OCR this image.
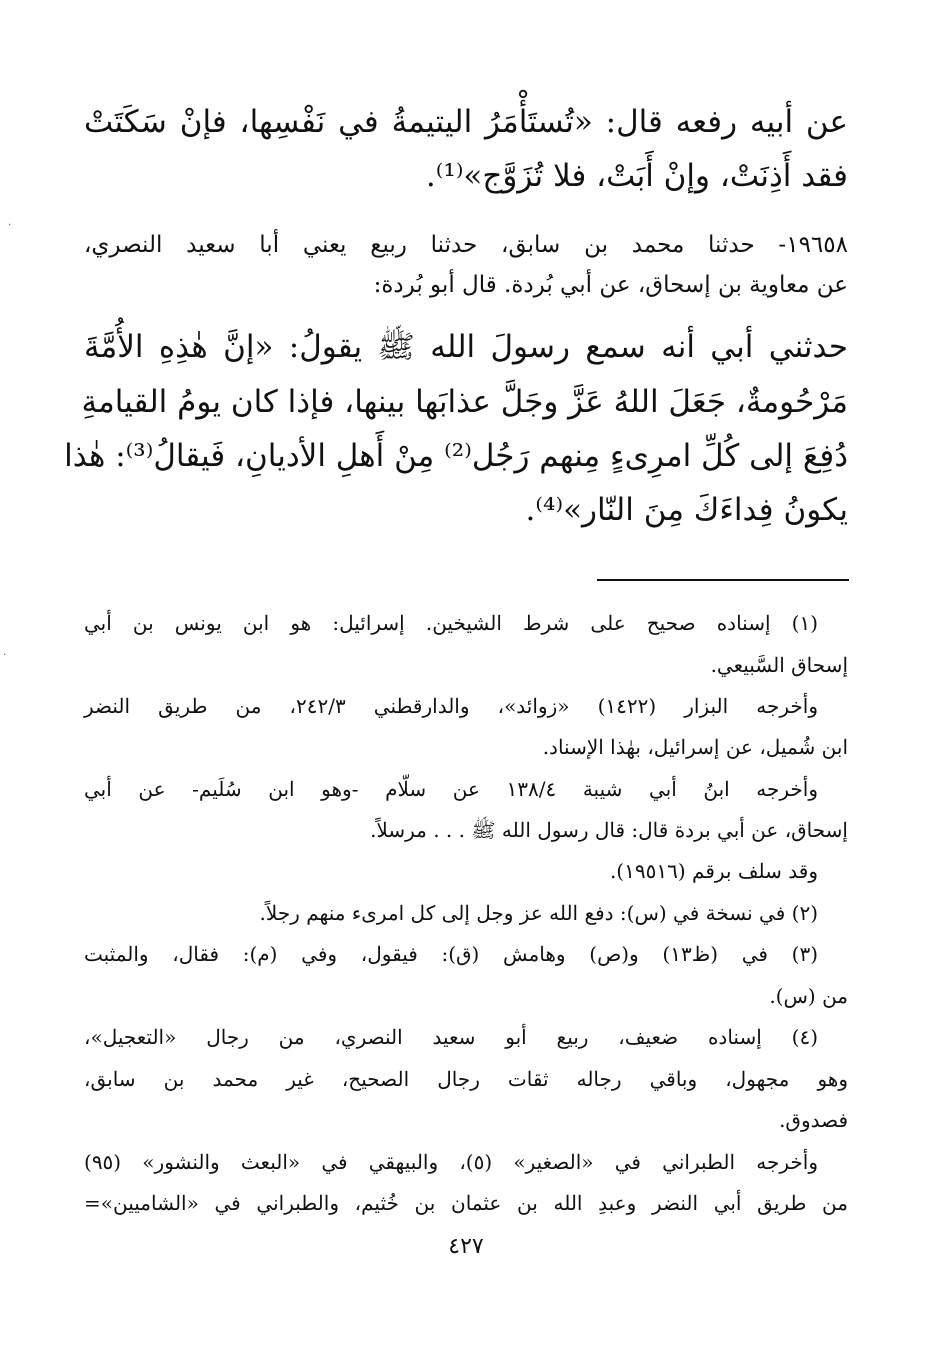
عن أبيه رفعه قال: «تُستَأْمَرُ اليتيمةُ في نَفْسِها، فإنْ سَكَتَتْ
فقد أَذِنَتْ، وإنْ أَبَتْ، فلا تُزَوَّج»⁽¹⁾.
١٩٦٥٨- حدثنا محمد بن سابق، حدثنا ربيع يعني أبا سعيد النصري،
عن معاوية بن إسحاق، عن أبي بُردة. قال أبو بُردة:
حدثني أبي أنه سمع رسولَ الله ﷺ يقولُ: «إنَّ هٰذِهِ الأُمَّةَ
مَرْحُومةٌ، جَعَلَ اللهُ عَزَّ وجَلَّ عذابَها بينها، فإذا كان يومُ القيامةِ
دُفِعَ إلى كُلِّ امرِىءٍ مِنهم رَجُل⁽²⁾ مِنْ أَهلِ الأديانِ، فَيقالُ⁽³⁾: هٰذا
يكونُ فِداءَكَ مِنَ النّار»⁽⁴⁾.
(١) إسناده صحيح على شرط الشيخين. إسرائيل: هو ابن يونس بن أبي
إسحاق السَّبيعي.
وأخرجه البزار (١٤٢٢) «زوائد»، والدارقطني ٢٤٢/٣، من طريق النضر
ابن شُميل، عن إسرائيل، بهٰذا الإسناد.
وأخرجه ابنُ أبي شيبة ١٣٨/٤ عن سلّام -وهو ابن سُلَيم- عن أبي
إسحاق، عن أبي بردة قال: قال رسول الله ﷺ . . . مرسلاً.
وقد سلف برقم (١٩٥١٦).
(٢) في نسخة في (س): دفع الله عز وجل إلى كل امرىء منهم رجلاً.
(٣) في (ظ١٣) و(ص) وهامش (ق): فيقول، وفي (م): فقال، والمثبت
من (س).
(٤) إسناده ضعيف، ربيع أبو سعيد النصري، من رجال «التعجيل»،
وهو مجهول، وباقي رجاله ثقات رجال الصحيح، غير محمد بن سابق،
فصدوق.
وأخرجه الطبراني في «الصغير» (٥)، والبيهقي في «البعث والنشور» (٩٥)
من طريق أبي النضر وعبدِ الله بن عثمان بن خُثيم، والطبراني في «الشاميين»=
٤٢٧
.
.
